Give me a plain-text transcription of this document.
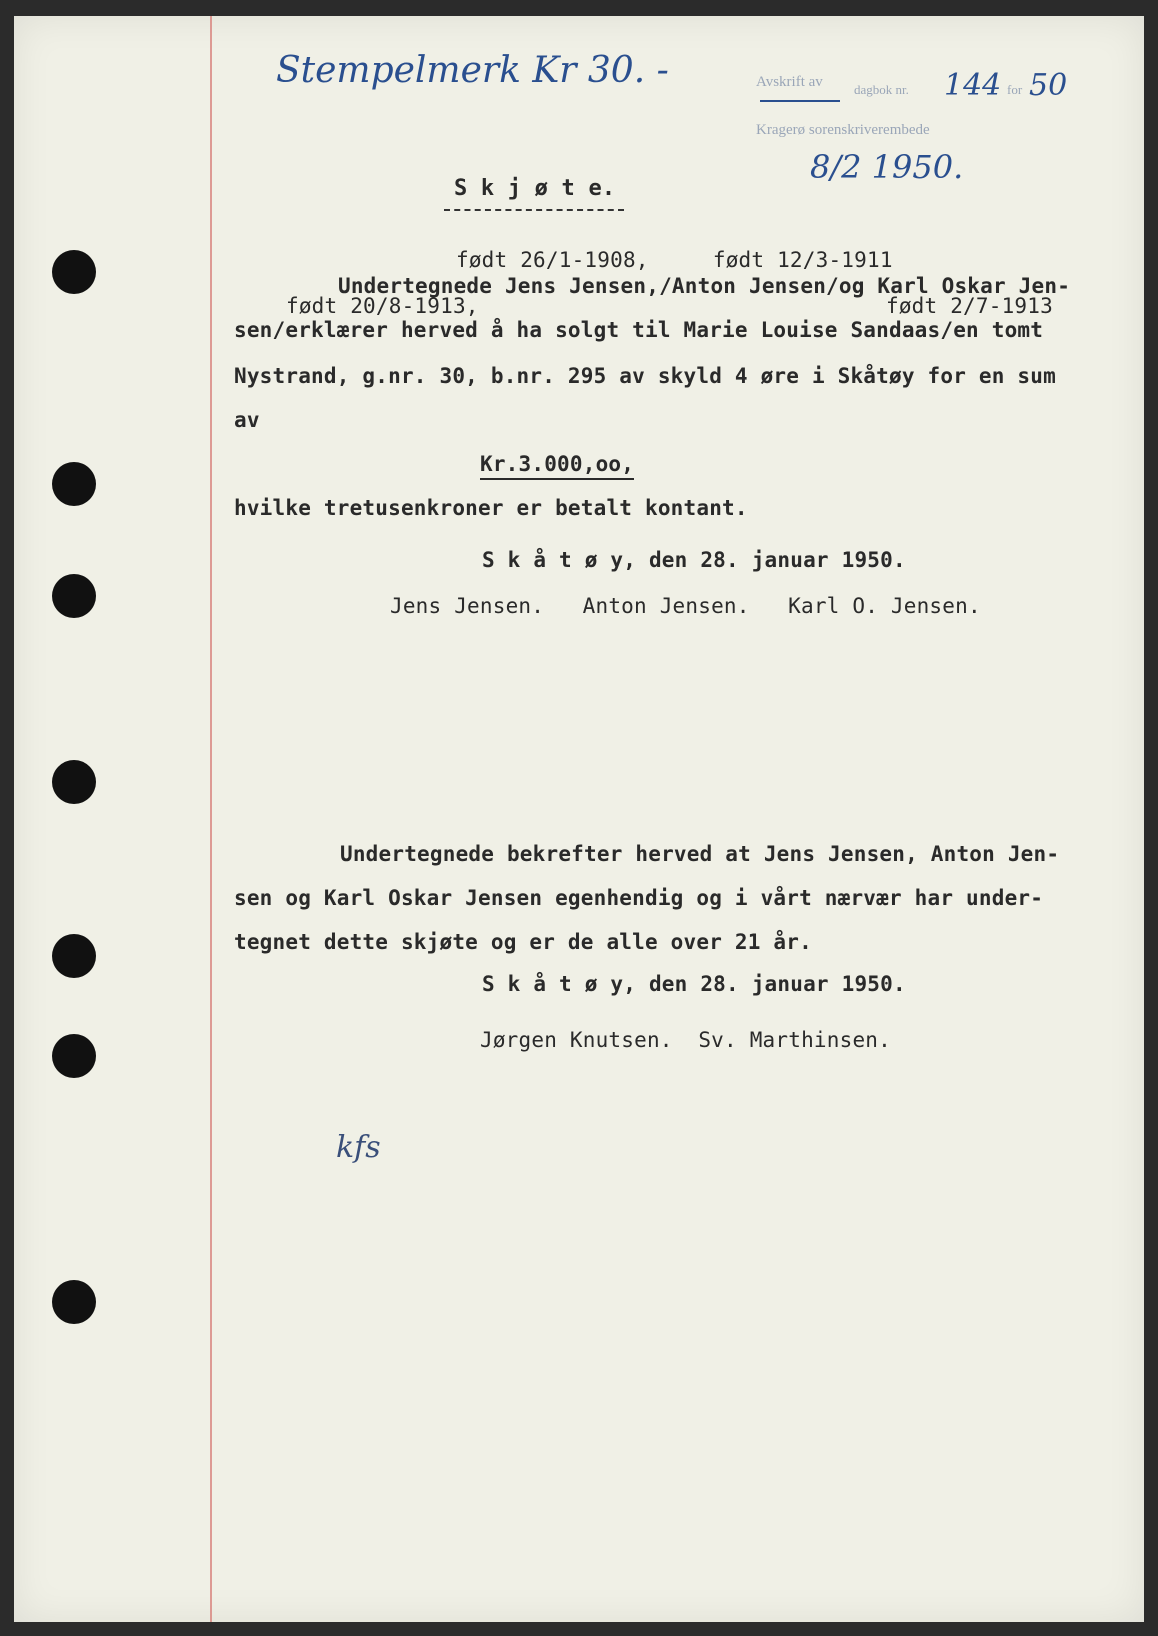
Stempelmerk Kr 30. -	Avskrift av dagbok nr. 144 for 50

Kragerø sorenskriverembede

8/2 1950.

S k j ø t e.

født 26/1-1908,     født 12/3-1911

Undertegnede Jens Jensen,/Anton Jensen/og Karl Oskar Jen-

født 20/8-1913,	født 2/7-1913

sen/erklærer herved å ha solgt til Marie Louise Sandaas/en tomt

Nystrand, g.nr. 30, b.nr. 295 av skyld 4 øre i Skåtøy for en sum

av

Kr.3.000,oo,

hvilke tretusenkroner er betalt kontant.

S k å t ø y, den 28. januar 1950.

Jens Jensen.   Anton Jensen.   Karl O. Jensen.

Undertegnede bekrefter herved at Jens Jensen, Anton Jen-

sen og Karl Oskar Jensen egenhendig og i vårt nærvær har under-

tegnet dette skjøte og er de alle over 21 år.

S k å t ø y, den 28. januar 1950.

Jørgen Knutsen.  Sv. Marthinsen.

kfs
